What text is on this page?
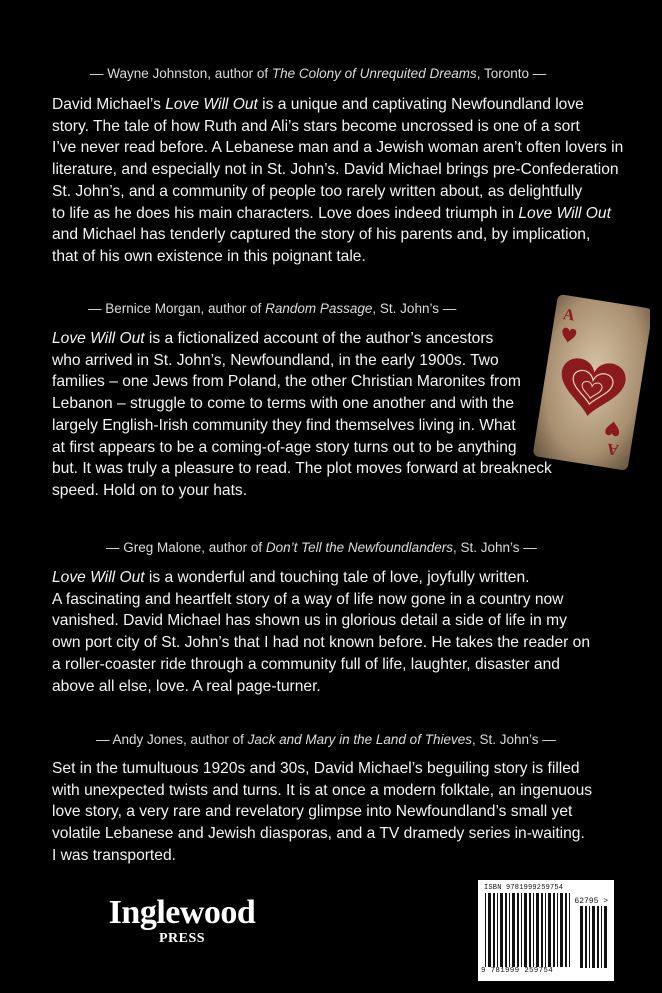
— Wayne Johnston, author of The Colony of Unrequited Dreams, Toronto —
David Michael’s Love Will Out is a unique and captivating Newfoundland love
story. The tale of how Ruth and Ali’s stars become uncrossed is one of a sort
I’ve never read before. A Lebanese man and a Jewish woman aren’t often lovers in
literature, and especially not in St. John’s. David Michael brings pre-Confederation
St. John’s, and a community of people too rarely written about, as delightfully
to life as he does his main characters. Love does indeed triumph in Love Will Out
and Michael has tenderly captured the story of his parents and, by implication,
that of his own existence in this poignant tale.
— Bernice Morgan, author of Random Passage, St. John’s —
Love Will Out is a fictionalized account of the author’s ancestors
who arrived in St. John’s, Newfoundland, in the early 1900s. Two
families – one Jews from Poland, the other Christian Maronites from
Lebanon – struggle to come to terms with one another and with the
largely English-Irish community they find themselves living in. What
at first appears to be a coming-of-age story turns out to be anything
but. It was truly a pleasure to read. The plot moves forward at breakneck
speed. Hold on to your hats.
— Greg Malone, author of Don’t Tell the Newfoundlanders, St. John’s —
Love Will Out is a wonderful and touching tale of love, joyfully written.
A fascinating and heartfelt story of a way of life now gone in a country now
vanished. David Michael has shown us in glorious detail a side of life in my
own port city of St. John’s that I had not known before. He takes the reader on
a roller-coaster ride through a community full of life, laughter, disaster and
above all else, love. A real page-turner.
— Andy Jones, author of Jack and Mary in the Land of Thieves, St. John’s —
Set in the tumultuous 1920s and 30s, David Michael’s beguiling story is filled
with unexpected twists and turns. It is at once a modern folktale, an ingenuous
love story, a very rare and revelatory glimpse into Newfoundland’s small yet
volatile Lebanese and Jewish diasporas, and a TV dramedy series in-waiting.
I was transported.
A
A
Inglewood
PRESS
ISBN 9781999259754
62795 >
9 781999 259754
